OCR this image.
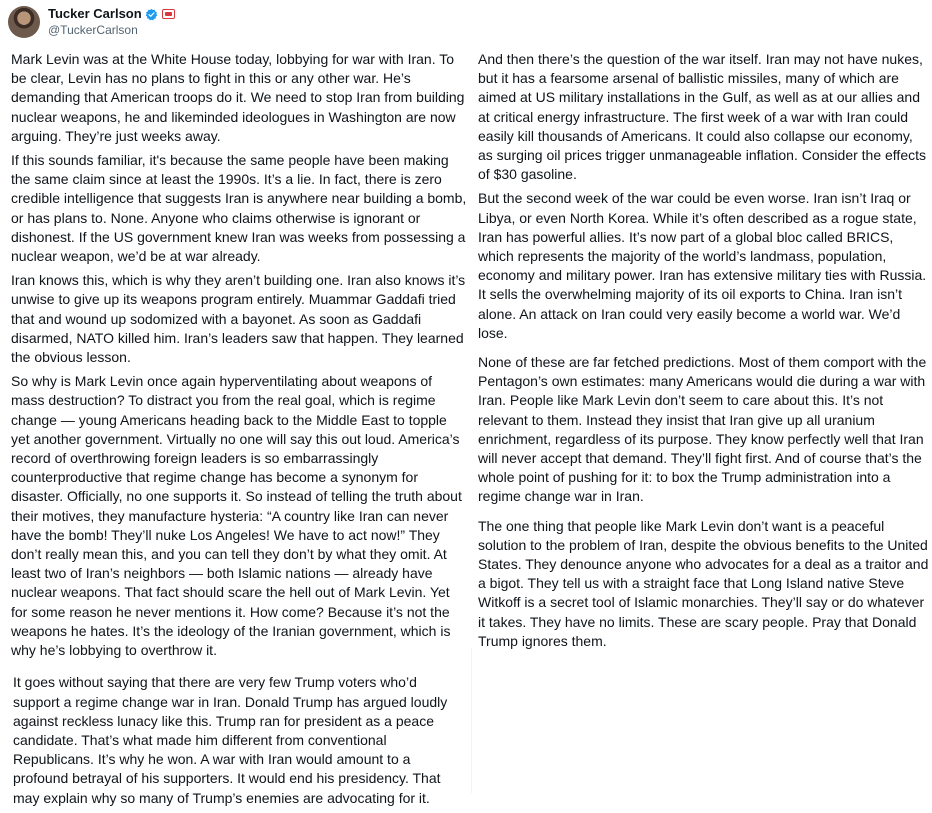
Tucker Carlson
@TuckerCarlson

Mark Levin was at the White House today, lobbying for war with Iran. To be clear, Levin has no plans to fight in this or any other war. He’s demanding that American troops do it. We need to stop Iran from building nuclear weapons, he and likeminded ideologues in Washington are now arguing. They’re just weeks away.

If this sounds familiar, it's because the same people have been making the same claim since at least the 1990s. It’s a lie. In fact, there is zero credible intelligence that suggests Iran is anywhere near building a bomb, or has plans to. None. Anyone who claims otherwise is ignorant or dishonest. If the US government knew Iran was weeks from possessing a nuclear weapon, we’d be at war already.

Iran knows this, which is why they aren’t building one. Iran also knows it’s unwise to give up its weapons program entirely. Muammar Gaddafi tried that and wound up sodomized with a bayonet. As soon as Gaddafi disarmed, NATO killed him. Iran’s leaders saw that happen. They learned the obvious lesson.

So why is Mark Levin once again hyperventilating about weapons of mass destruction? To distract you from the real goal, which is regime change — young Americans heading back to the Middle East to topple yet another government. Virtually no one will say this out loud. America’s record of overthrowing foreign leaders is so embarrassingly counterproductive that regime change has become a synonym for disaster. Officially, no one supports it. So instead of telling the truth about their motives, they manufacture hysteria: “A country like Iran can never have the bomb! They’ll nuke Los Angeles! We have to act now!” They don’t really mean this, and you can tell they don’t by what they omit. At least two of Iran’s neighbors — both Islamic nations — already have nuclear weapons. That fact should scare the hell out of Mark Levin. Yet for some reason he never mentions it. How come? Because it’s not the weapons he hates. It’s the ideology of the Iranian government, which is why he’s lobbying to overthrow it.

It goes without saying that there are very few Trump voters who’d support a regime change war in Iran. Donald Trump has argued loudly against reckless lunacy like this. Trump ran for president as a peace candidate. That’s what made him different from conventional Republicans. It’s why he won. A war with Iran would amount to a profound betrayal of his supporters. It would end his presidency. That may explain why so many of Trump’s enemies are advocating for it.

And then there’s the question of the war itself. Iran may not have nukes, but it has a fearsome arsenal of ballistic missiles, many of which are aimed at US military installations in the Gulf, as well as at our allies and at critical energy infrastructure. The first week of a war with Iran could easily kill thousands of Americans. It could also collapse our economy, as surging oil prices trigger unmanageable inflation. Consider the effects of $30 gasoline.

But the second week of the war could be even worse. Iran isn’t Iraq or Libya, or even North Korea. While it’s often described as a rogue state, Iran has powerful allies. It’s now part of a global bloc called BRICS, which represents the majority of the world’s landmass, population, economy and military power. Iran has extensive military ties with Russia. It sells the overwhelming majority of its oil exports to China. Iran isn’t alone. An attack on Iran could very easily become a world war. We’d lose.

None of these are far fetched predictions. Most of them comport with the Pentagon’s own estimates: many Americans would die during a war with Iran. People like Mark Levin don’t seem to care about this. It’s not relevant to them. Instead they insist that Iran give up all uranium enrichment, regardless of its purpose. They know perfectly well that Iran will never accept that demand. They’ll fight first. And of course that’s the whole point of pushing for it: to box the Trump administration into a regime change war in Iran.

The one thing that people like Mark Levin don’t want is a peaceful solution to the problem of Iran, despite the obvious benefits to the United States. They denounce anyone who advocates for a deal as a traitor and a bigot. They tell us with a straight face that Long Island native Steve Witkoff is a secret tool of Islamic monarchies. They’ll say or do whatever it takes. They have no limits. These are scary people. Pray that Donald Trump ignores them.
